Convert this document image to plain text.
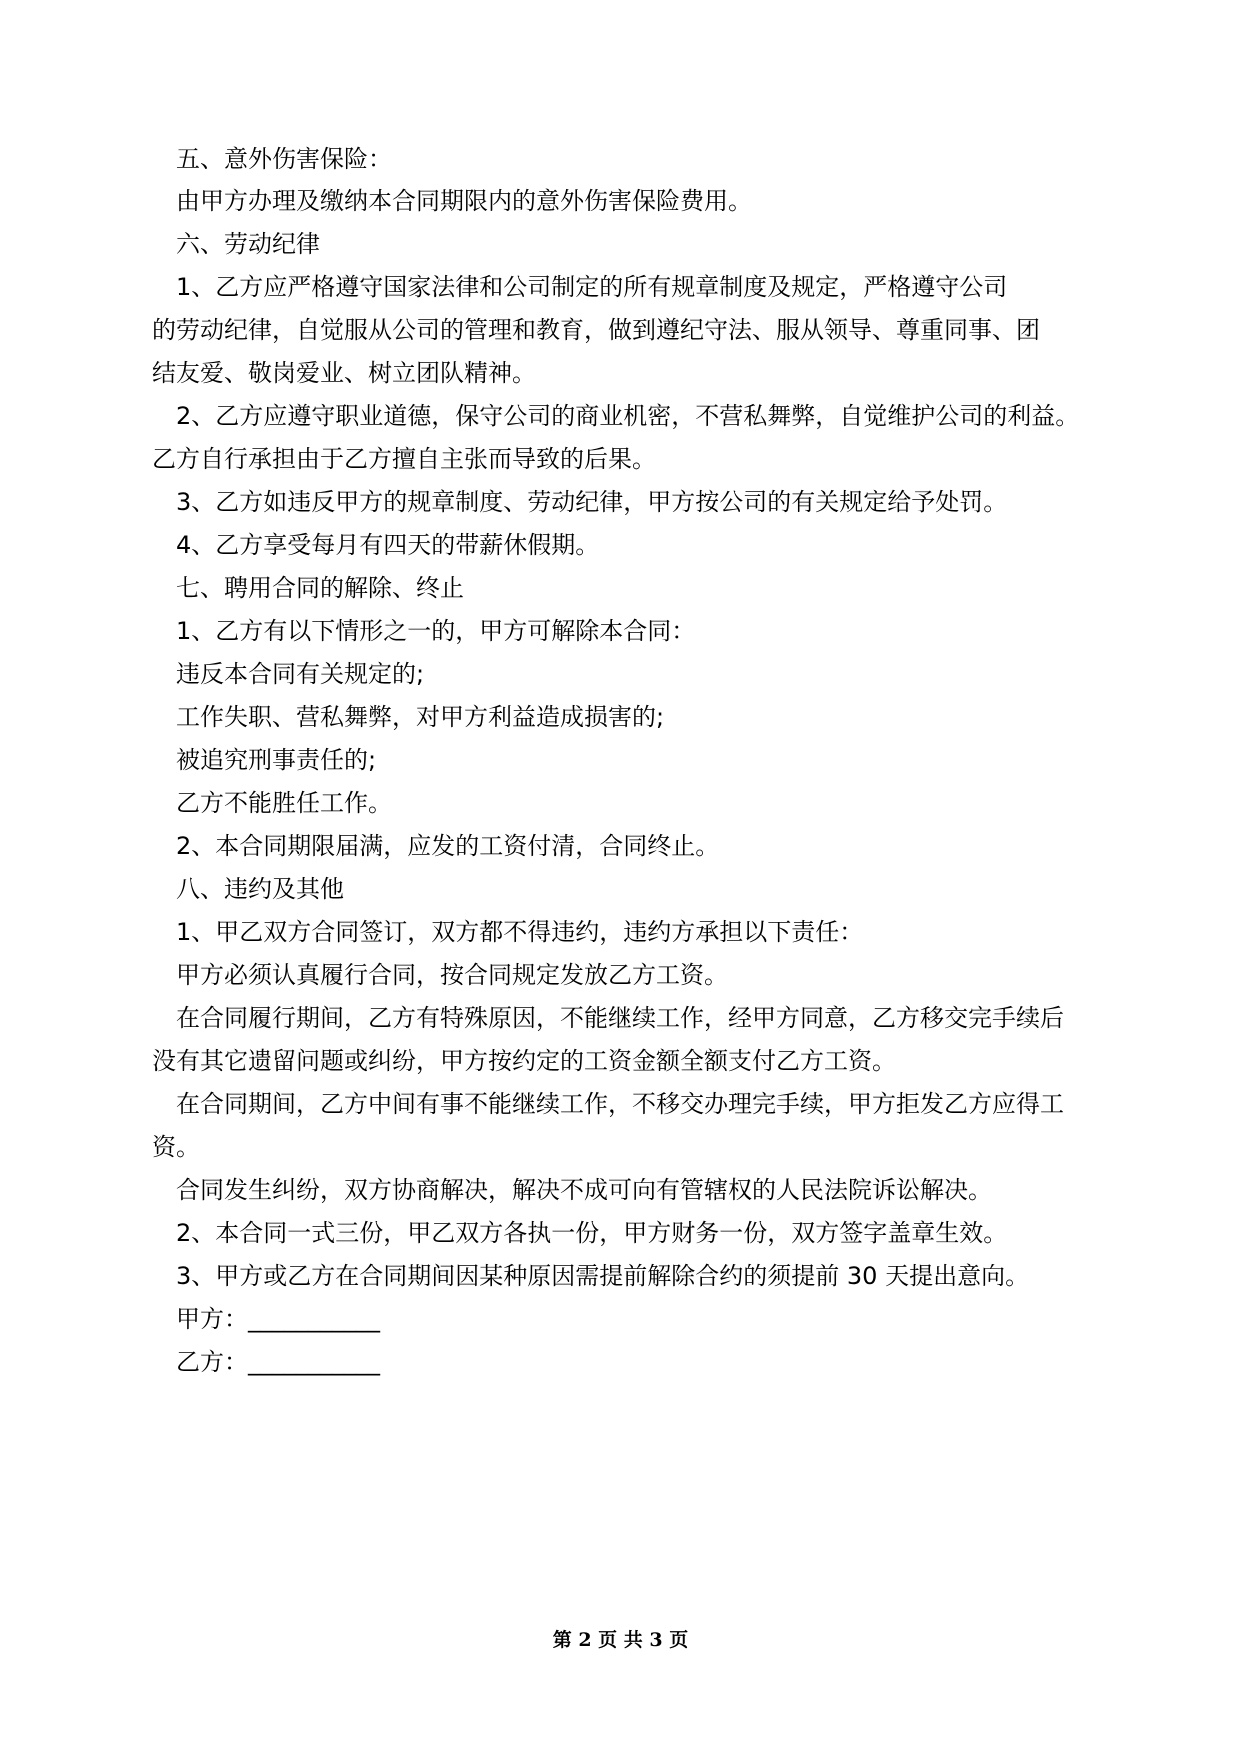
五、意外伤害保险：
由甲方办理及缴纳本合同期限内的意外伤害保险费用。
六、劳动纪律
1、乙方应严格遵守国家法律和公司制定的所有规章制度及规定，严格遵守公司
的劳动纪律，自觉服从公司的管理和教育，做到遵纪守法、服从领导、尊重同事、团
结友爱、敬岗爱业、树立团队精神。
2、乙方应遵守职业道德，保守公司的商业机密，不营私舞弊，自觉维护公司的利益。
乙方自行承担由于乙方擅自主张而导致的后果。
3、乙方如违反甲方的规章制度、劳动纪律，甲方按公司的有关规定给予处罚。
4、乙方享受每月有四天的带薪休假期。
七、聘用合同的解除、终止
1、乙方有以下情形之一的，甲方可解除本合同：
违反本合同有关规定的;
工作失职、营私舞弊，对甲方利益造成损害的;
被追究刑事责任的;
乙方不能胜任工作。
2、本合同期限届满，应发的工资付清，合同终止。
八、违约及其他
1、甲乙双方合同签订，双方都不得违约，违约方承担以下责任：
甲方必须认真履行合同，按合同规定发放乙方工资。
在合同履行期间，乙方有特殊原因，不能继续工作，经甲方同意，乙方移交完手续后
没有其它遗留问题或纠纷，甲方按约定的工资金额全额支付乙方工资。
在合同期间，乙方中间有事不能继续工作，不移交办理完手续，甲方拒发乙方应得工
资。
合同发生纠纷，双方协商解决，解决不成可向有管辖权的人民法院诉讼解决。
2、本合同一式三份，甲乙双方各执一份，甲方财务一份，双方签字盖章生效。
3、甲方或乙方在合同期间因某种原因需提前解除合约的须提前 30 天提出意向。
甲方：___________
乙方：___________
第 2 页 共 3 页
